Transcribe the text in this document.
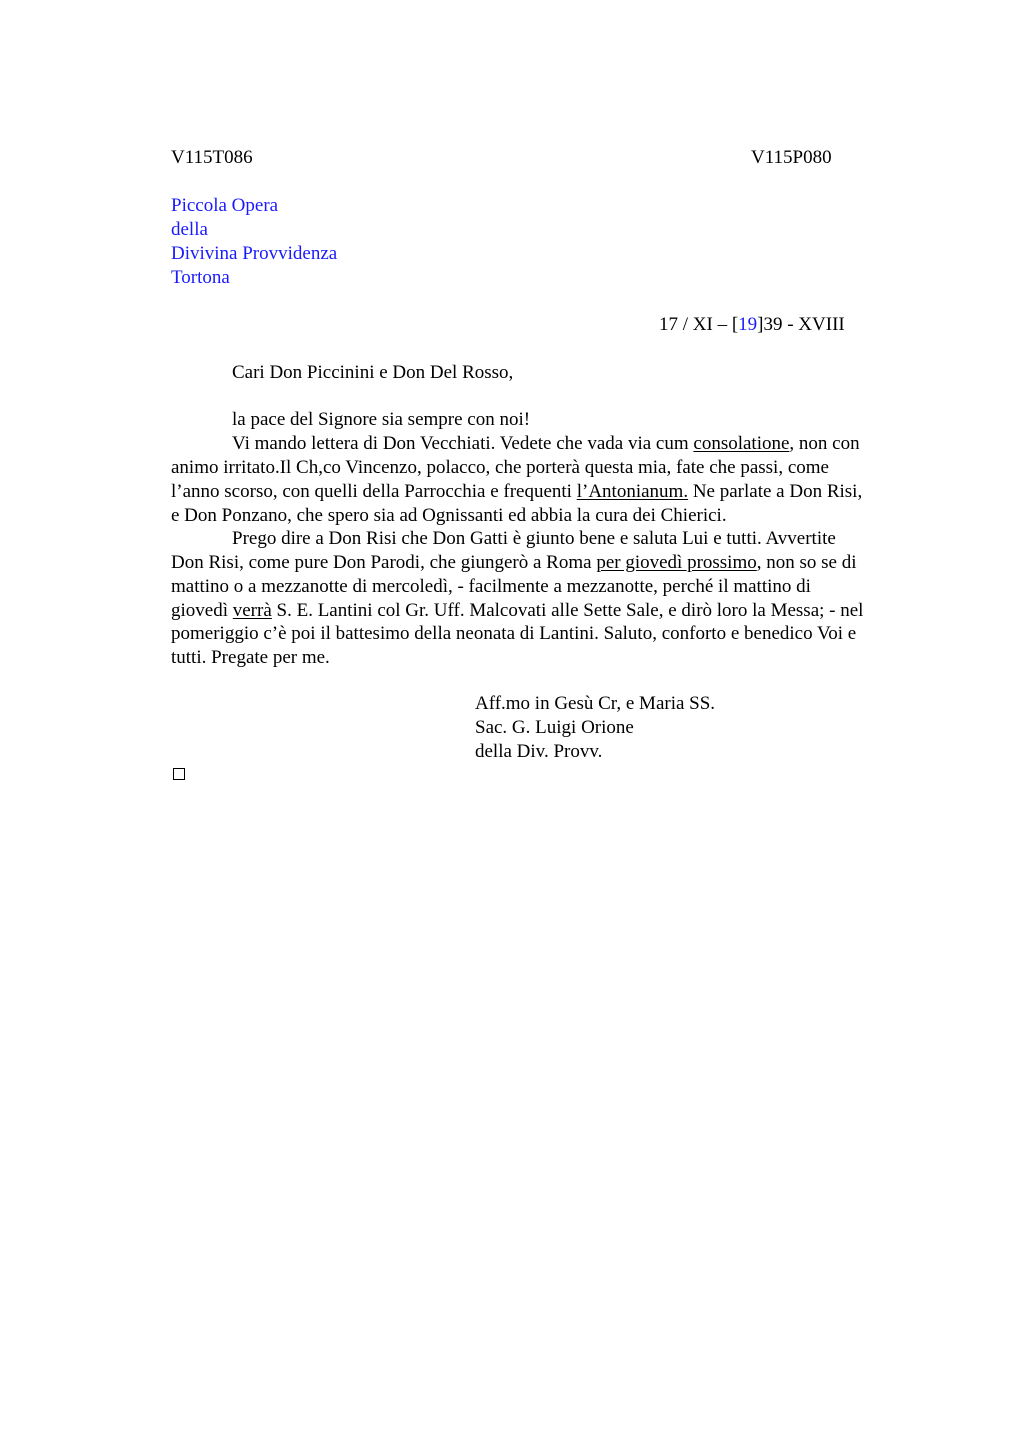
V115T086	V115P080
Piccola Opera
della
Divivina Provvidenza
Tortona
17 / XI – [19]39 - XVIII
Cari Don Piccinini e Don Del Rosso,
la pace del Signore sia sempre con noi!
Vi mando lettera di Don Vecchiati. Vedete che vada via cum consolatione, non con
animo irritato.Il Ch,co Vincenzo, polacco, che porterà questa mia, fate che passi, come
l’anno scorso, con quelli della Parrocchia e frequenti l’Antonianum. Ne parlate a Don Risi,
e Don Ponzano, che spero sia ad Ognissanti ed abbia la cura dei Chierici.
Prego dire a Don Risi che Don Gatti è giunto bene e saluta Lui e tutti. Avvertite
Don Risi, come pure Don Parodi, che giungerò a Roma per giovedì prossimo, non so se di
mattino o a mezzanotte di mercoledì, - facilmente a mezzanotte, perché il mattino di
giovedì verrà S. E. Lantini col Gr. Uff. Malcovati alle Sette Sale, e dirò loro la Messa; - nel
pomeriggio c’è poi il battesimo della neonata di Lantini. Saluto, conforto e benedico Voi e
tutti. Pregate per me.
Aff.mo in Gesù Cr, e Maria SS.
Sac. G. Luigi Orione
della Div. Provv.
